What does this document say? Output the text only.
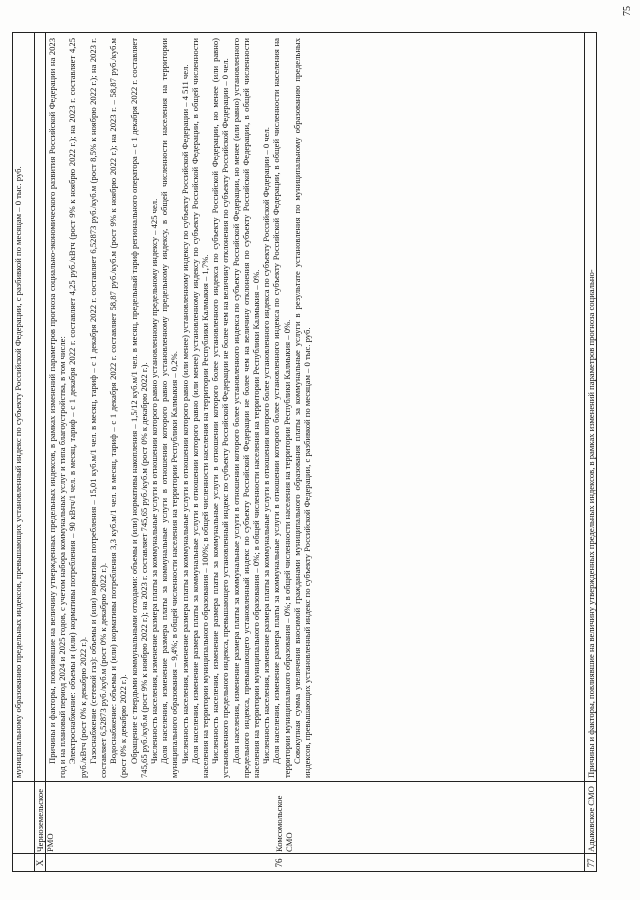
муниципальному образованию предельных индексов, превышающих установленный индекс по субъекту Российской Федерации, с разбивкой по месяцам – 0 тыс. руб.

X
Черноземельское РМО
76
Комсомольское СМО

Причины и факторы, повлиявшие на величину утвержденных предельных индексов, в рамках изменений параметров прогноза социально-экономического развития Российской Федерации на 2023 год и на плановый период 2024 и 2025 годов, с учетом набора коммунальных услуг и типа благоустройства, в том числе: Электроснабжение: объемы и (или) нормативы потребления – 90 кВтч/1 чел. в месяц, тариф – с 1 декабря 2022 г. составляет 4,25 руб./кВтч (рост 9% к ноябрю 2022 г.); на 2023 г. составляет 4,25 руб./кВтч (рост 0% к декабрю 2022 г.). Газоснабжение (сетевой газ): объемы и (или) нормативы потребления – 15,01 куб.м/1 чел. в месяц, тариф – с 1 декабря 2022 г. составляет 6,52873 руб./куб.м (рост 8,5% к ноябрю 2022 г.); на 2023 г. составляет 6,52873 руб./куб.м (рост 0% к декабрю 2022 г.). Водоснабжение: объемы и (или) нормативы потребления 3,3 куб.м/1 чел. в месяц, тариф – с 1 декабря 2022 г. составляет 58,87 руб./куб.м (рост 9% к ноябрю 2022 г.); на 2023 г. – 58,87 руб./куб.м (рост 0% к декабрю 2022 г.). Обращение с твердыми коммунальными отходами: объемы и (или) нормативы накопления – 1,5/12 куб.м/1 чел. в месяц, предельный тариф регионального оператора – с 1 декабря 2022 г. составляет 745,65 руб./куб.м (рост 9% к ноябрю 2022 г.); на 2023 г. составляет 745,65 руб./куб.м (рост 0% к декабрю 2022 г.). Численность населения, изменение размера платы за коммунальные услуги в отношении которого равно установленному предельному индексу – 425 чел. Доля населения, изменение размера платы за коммунальные услуги в отношении которого равно установленному предельному индексу, в общей численности населения на территории муниципального образования – 9,4%; в общей численности населения на территории Республики Калмыкия – 0,2%. Численность населения, изменение размера платы за коммунальные услуги в отношении которого равно (или менее) установленному индексу по субъекту Российской Федерации – 4 511 чел. Доля населения, изменение размера платы за коммунальные услуги в отношении которого равно (или менее) установленному индексу по субъекту Российской Федерации, в общей численности населения на территории муниципального образования – 100%; в общей численности населения на территории Республики Калмыкия – 1,7%. Численность населения, изменение размера платы за коммунальные услуги в отношении которого более установленного индекса по субъекту Российской Федерации, но менее (или равно) установленного предельного индекса, превышающего установленный индекс по субъекту Российской Федерации не более чем на величину отклонения по субъекту Российской Федерации – 0 чел. Доля населения, изменение размера платы за коммунальные услуги в отношении которого более установленного индекса по субъекту Российской Федерации, но менее (или равно) установленного предельного индекса, превышающего установленный индекс по субъекту Российской Федерации не более чем на величину отклонения по субъекту Российской Федерации, в общей численности населения на территории муниципального образования – 0%; в общей численности населения на территории Республики Калмыкия – 0%. Численность населения, изменение размера платы за коммунальные услуги в отношении которого более установленного индекса по субъекту Российской Федерации – 0 чел. Доля населения, изменение размера платы за коммунальные услуги в отношении которого более установленного индекса по субъекту Российской Федерации, в общей численности населения на территории муниципального образования – 0%; в общей численности населения на территории Республики Калмыкия – 0%. Совокупная сумма увеличения вносимой гражданами муниципального образования платы за коммунальные услуги в результате установления по муниципальному образованию предельных индексов, превышающих установленный индекс по субъекту Российской Федерации, с разбивкой по месяцам – 0 тыс. руб.

77
Адыковское СМО

Причины и факторы, повлиявшие на величину утвержденных предельных индексов, в рамках изменений параметров прогноза социально-

75
